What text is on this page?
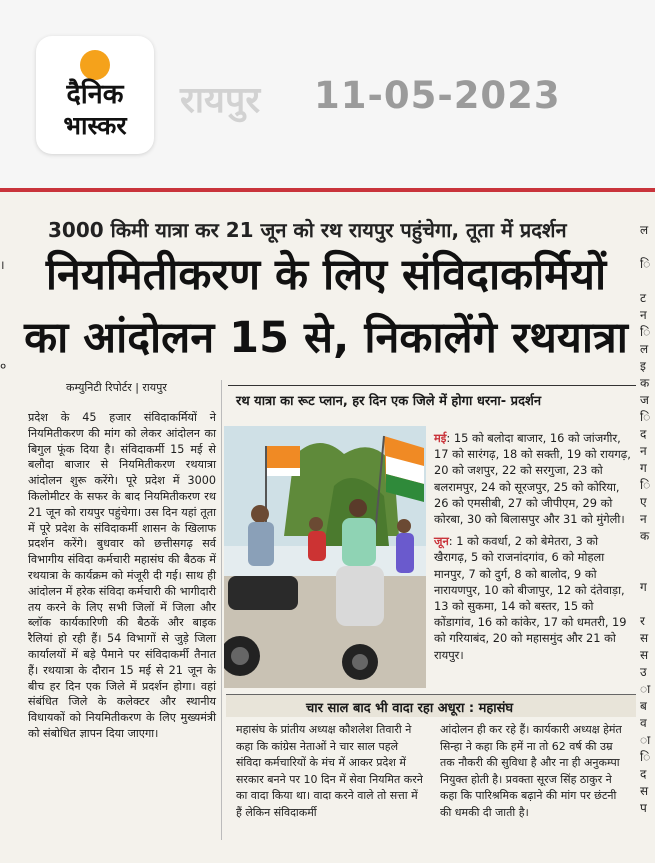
दैनिक
भास्कर
रायपुर 11-05-2023
।

०
ल

ि

ट
न
ि
ल
इ
क
ज
ि
द
न
ग
ि
ए
न
क

ग

र
स
स
उ
ा
ब
व
ा
ि
द
स
प
3000 किमी यात्रा कर 21 जून को रथ रायपुर पहुंचेगा, तूता में प्रदर्शन
नियमितीकरण के लिए संविदाकर्मियों
का आंदोलन 15 से, निकालेंगे रथयात्रा
कम्युनिटी रिपोर्टर | रायपुर
रथ यात्रा का रूट प्लान, हर दिन एक जिले में होगा धरना- प्रदर्शन

प्रदेश के 45 हजार संविदाकर्मियों ने नियमितीकरण की मांग को लेकर आंदोलन का बिगुल फूंक दिया है। संविदाकर्मी 15 मई से बलौदा बाजार से नियमितीकरण रथयात्रा आंदोलन शुरू करेंगे। पूरे प्रदेश में 3000 किलोमीटर के सफर के बाद नियमितीकरण रथ 21 जून को रायपुर पहुंचेगा। उस दिन यहां तूता में पूरे प्रदेश के संविदाकर्मी शासन के खिलाफ प्रदर्शन करेंगे। बुधवार को छत्तीसगढ़ सर्व विभागीय संविदा कर्मचारी महासंघ की बैठक में रथयात्रा के कार्यक्रम को मंजूरी दी गई। साथ ही आंदोलन में हरेक संविदा कर्मचारी की भागीदारी तय करने के लिए सभी जिलों में जिला और ब्लॉक कार्यकारिणी की बैठकें और बाइक रैलियां हो रही हैं। 54 विभागों से जुड़े जिला कार्यालयों में बड़े पैमाने पर संविदाकर्मी तैनात हैं। रथयात्रा के दौरान 15 मई से 21 जून के बीच हर दिन एक जिले में प्रदर्शन होगा। वहां संबंधित जिले के कलेक्टर और स्थानीय विधायकों को नियमितीकरण के लिए मुख्यमंत्री को संबोधित ज्ञापन दिया जाएगा।

मई: 15 को बलोदा बाजार, 16 को जांजगीर, 17 को सारंगढ़, 18 को सक्ती, 19 को रायगढ़, 20 को जशपुर, 22 को सरगुजा, 23 को बलरामपुर, 24 को सूरजपुर, 25 को कोरिया, 26 को एमसीबी, 27 को जीपीएम, 29 को कोरबा, 30 को बिलासपुर और 31 को मुंगेली।

जून: 1 को कवर्धा, 2 को बेमेतरा, 3 को खैरागढ़, 5 को राजनांदगांव, 6 को मोहला मानपुर, 7 को दुर्ग, 8 को बालोद, 9 को नारायणपुर, 10 को बीजापुर, 12 को दंतेवाड़ा, 13 को सुकमा, 14 को बस्तर, 15 को कोंडागांव, 16 को कांकेर, 17 को धमतरी, 19 को गरियाबंद, 20 को महासमुंद और 21 को रायपुर।

चार साल बाद भी वादा रहा अधूरा : महासंघ
महासंघ के प्रांतीय अध्यक्ष कौशलेश तिवारी ने कहा कि कांग्रेस नेताओं ने चार साल पहले संविदा कर्मचारियों के मंच में आकर प्रदेश में सरकार बनने पर 10 दिन में सेवा नियमित करने का वादा किया था। वादा करने वाले तो सत्ता में हैं लेकिन संविदाकर्मी
आंदोलन ही कर रहे हैं। कार्यकारी अध्यक्ष हेमंत सिन्हा ने कहा कि हमें ना तो 62 वर्ष की उम्र तक नौकरी की सुविधा है और ना ही अनुकम्पा नियुक्त होती है। प्रवक्ता सूरज सिंह ठाकुर ने कहा कि पारिश्रमिक बढ़ाने की मांग पर छंटनी की धमकी दी जाती है।
